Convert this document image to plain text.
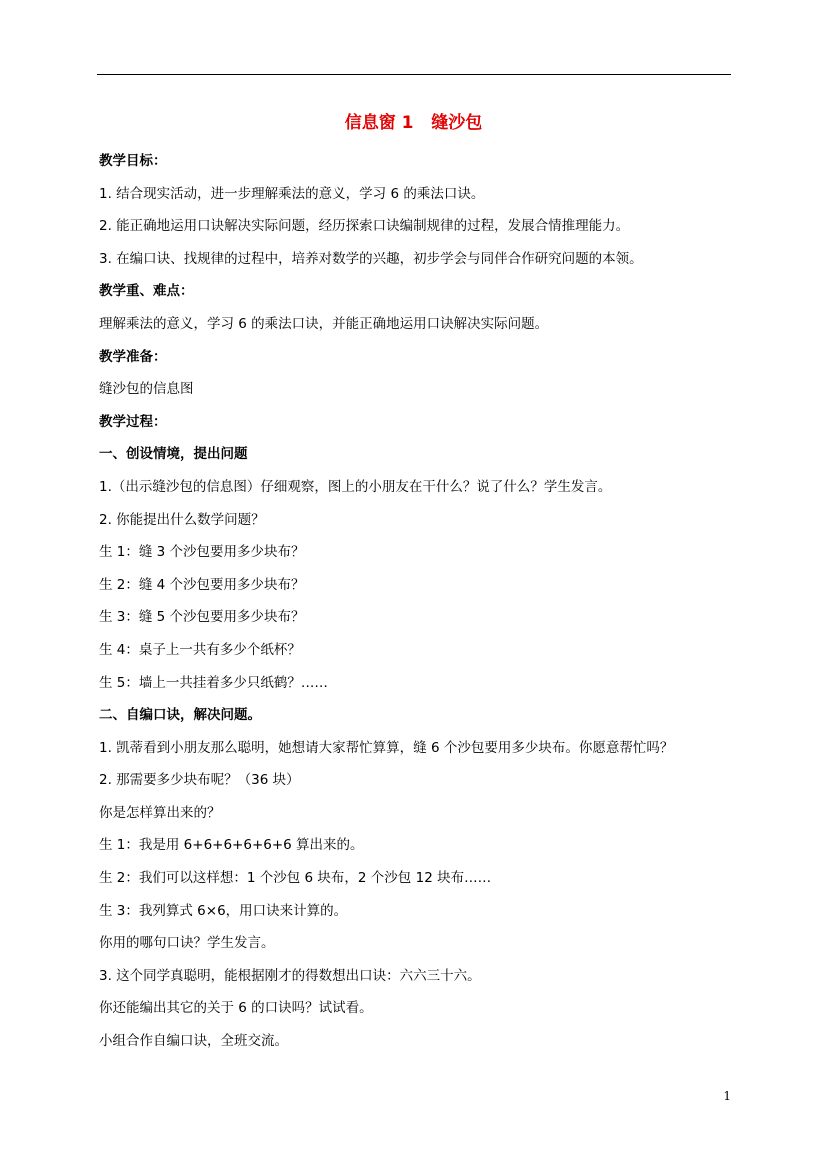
信息窗 1   缝沙包
教学目标：
1. 结合现实活动，进一步理解乘法的意义，学习 6 的乘法口诀。
2. 能正确地运用口诀解决实际问题，经历探索口诀编制规律的过程，发展合情推理能力。
3. 在编口诀、找规律的过程中，培养对数学的兴趣，初步学会与同伴合作研究问题的本领。
教学重、难点：
理解乘法的意义，学习 6 的乘法口诀，并能正确地运用口诀解决实际问题。
教学准备：
缝沙包的信息图
教学过程：
一、创设情境，提出问题
1.（出示缝沙包的信息图）仔细观察，图上的小朋友在干什么？说了什么？学生发言。
2. 你能提出什么数学问题？
生 1：缝 3 个沙包要用多少块布？
生 2：缝 4 个沙包要用多少块布？
生 3：缝 5 个沙包要用多少块布？
生 4：桌子上一共有多少个纸杯？
生 5：墙上一共挂着多少只纸鹤？……
二、自编口诀，解决问题。
1. 凯蒂看到小朋友那么聪明，她想请大家帮忙算算，缝 6 个沙包要用多少块布。你愿意帮忙吗？
2. 那需要多少块布呢？（36 块）
你是怎样算出来的？
生 1：我是用 6+6+6+6+6+6 算出来的。
生 2：我们可以这样想：1 个沙包 6 块布，2 个沙包 12 块布……
生 3：我列算式 6×6，用口诀来计算的。
你用的哪句口诀？学生发言。
3. 这个同学真聪明，能根据刚才的得数想出口诀：六六三十六。
你还能编出其它的关于 6 的口诀吗？试试看。
小组合作自编口诀，全班交流。
1
